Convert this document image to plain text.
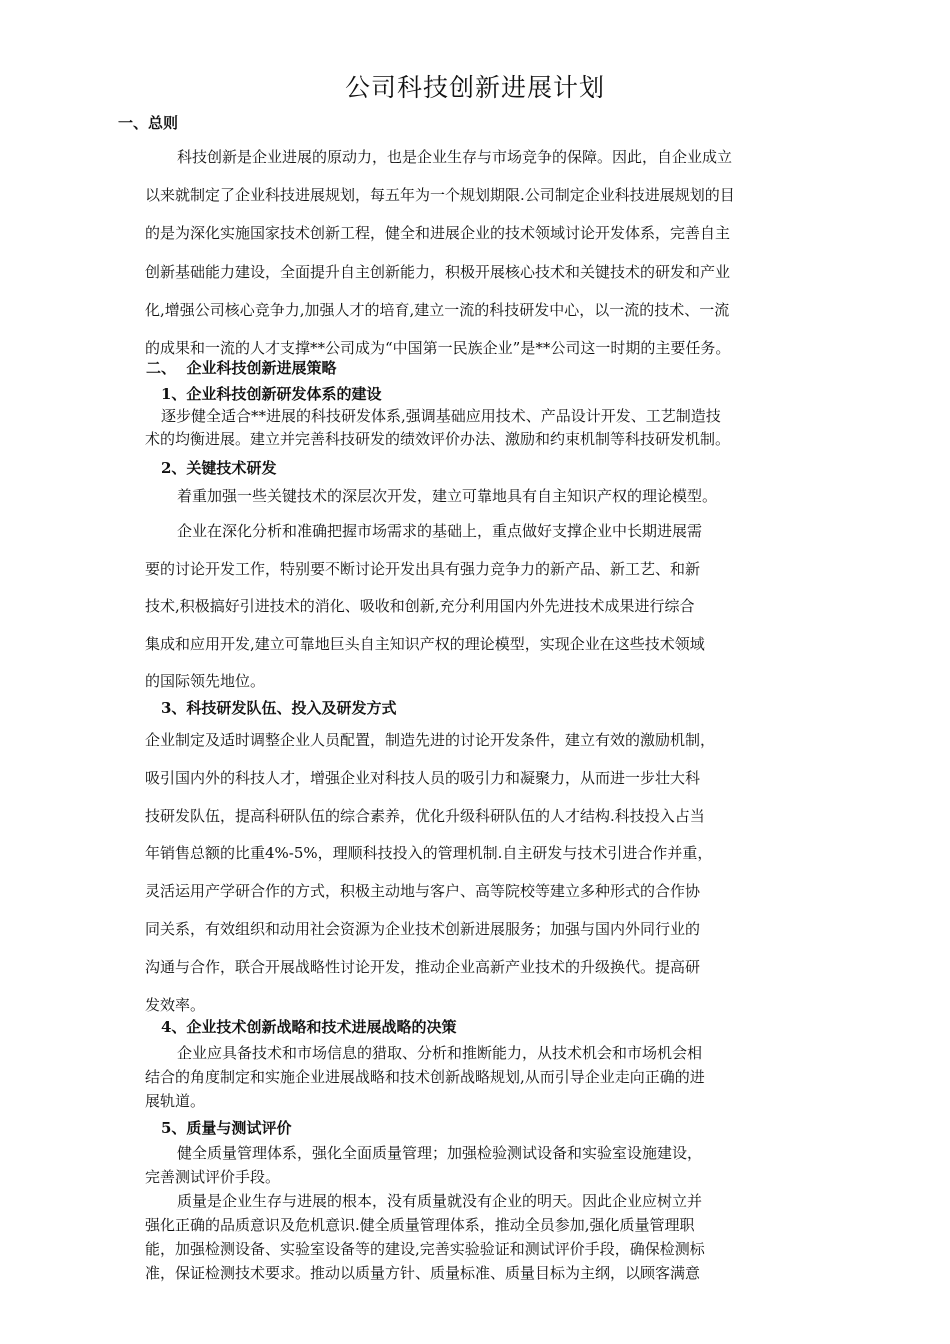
公司科技创新进展计划
一、总则
科技创新是企业进展的原动力，也是企业生存与市场竞争的保障。因此，自企业成立
以来就制定了企业科技进展规划，每五年为一个规划期限.公司制定企业科技进展规划的目
的是为深化实施国家技术创新工程，健全和进展企业的技术领域讨论开发体系，完善自主
创新基础能力建设，全面提升自主创新能力，积极开展核心技术和关键技术的研发和产业
化,增强公司核心竞争力,加强人才的培育,建立一流的科技研发中心，以一流的技术、一流
的成果和一流的人才支撑**公司成为“中国第一民族企业”是**公司这一时期的主要任务。
二、  企业科技创新进展策略
1、企业科技创新研发体系的建设
逐步健全适合**进展的科技研发体系,强调基础应用技术、产品设计开发、工艺制造技
术的均衡进展。建立并完善科技研发的绩效评价办法、激励和约束机制等科技研发机制。
2、关键技术研发
着重加强一些关键技术的深层次开发，建立可靠地具有自主知识产权的理论模型。
企业在深化分析和准确把握市场需求的基础上，重点做好支撑企业中长期进展需
要的讨论开发工作，特别要不断讨论开发出具有强力竞争力的新产品、新工艺、和新
技术,积极搞好引进技术的消化、吸收和创新,充分利用国内外先进技术成果进行综合
集成和应用开发,建立可靠地巨头自主知识产权的理论模型，实现企业在这些技术领域
的国际领先地位。
3、科技研发队伍、投入及研发方式
企业制定及适时调整企业人员配置，制造先进的讨论开发条件，建立有效的激励机制，
吸引国内外的科技人才，增强企业对科技人员的吸引力和凝聚力，从而进一步壮大科
技研发队伍，提高科研队伍的综合素养，优化升级科研队伍的人才结构.科技投入占当
年销售总额的比重4%-5%，理顺科技投入的管理机制.自主研发与技术引进合作并重，
灵活运用产学研合作的方式，积极主动地与客户、高等院校等建立多种形式的合作协
同关系，有效组织和动用社会资源为企业技术创新进展服务；加强与国内外同行业的
沟通与合作，联合开展战略性讨论开发，推动企业高新产业技术的升级换代。提高研
发效率。
4、企业技术创新战略和技术进展战略的决策
企业应具备技术和市场信息的猎取、分析和推断能力，从技术机会和市场机会相
结合的角度制定和实施企业进展战略和技术创新战略规划,从而引导企业走向正确的进
展轨道。
5、质量与测试评价
健全质量管理体系，强化全面质量管理；加强检验测试设备和实验室设施建设，
完善测试评价手段。
质量是企业生存与进展的根本，没有质量就没有企业的明天。因此企业应树立并
强化正确的品质意识及危机意识.健全质量管理体系，推动全员参加,强化质量管理职
能，加强检测设备、实验室设备等的建设,完善实验验证和测试评价手段，确保检测标
准，保证检测技术要求。推动以质量方针、质量标准、质量目标为主纲，以顾客满意
